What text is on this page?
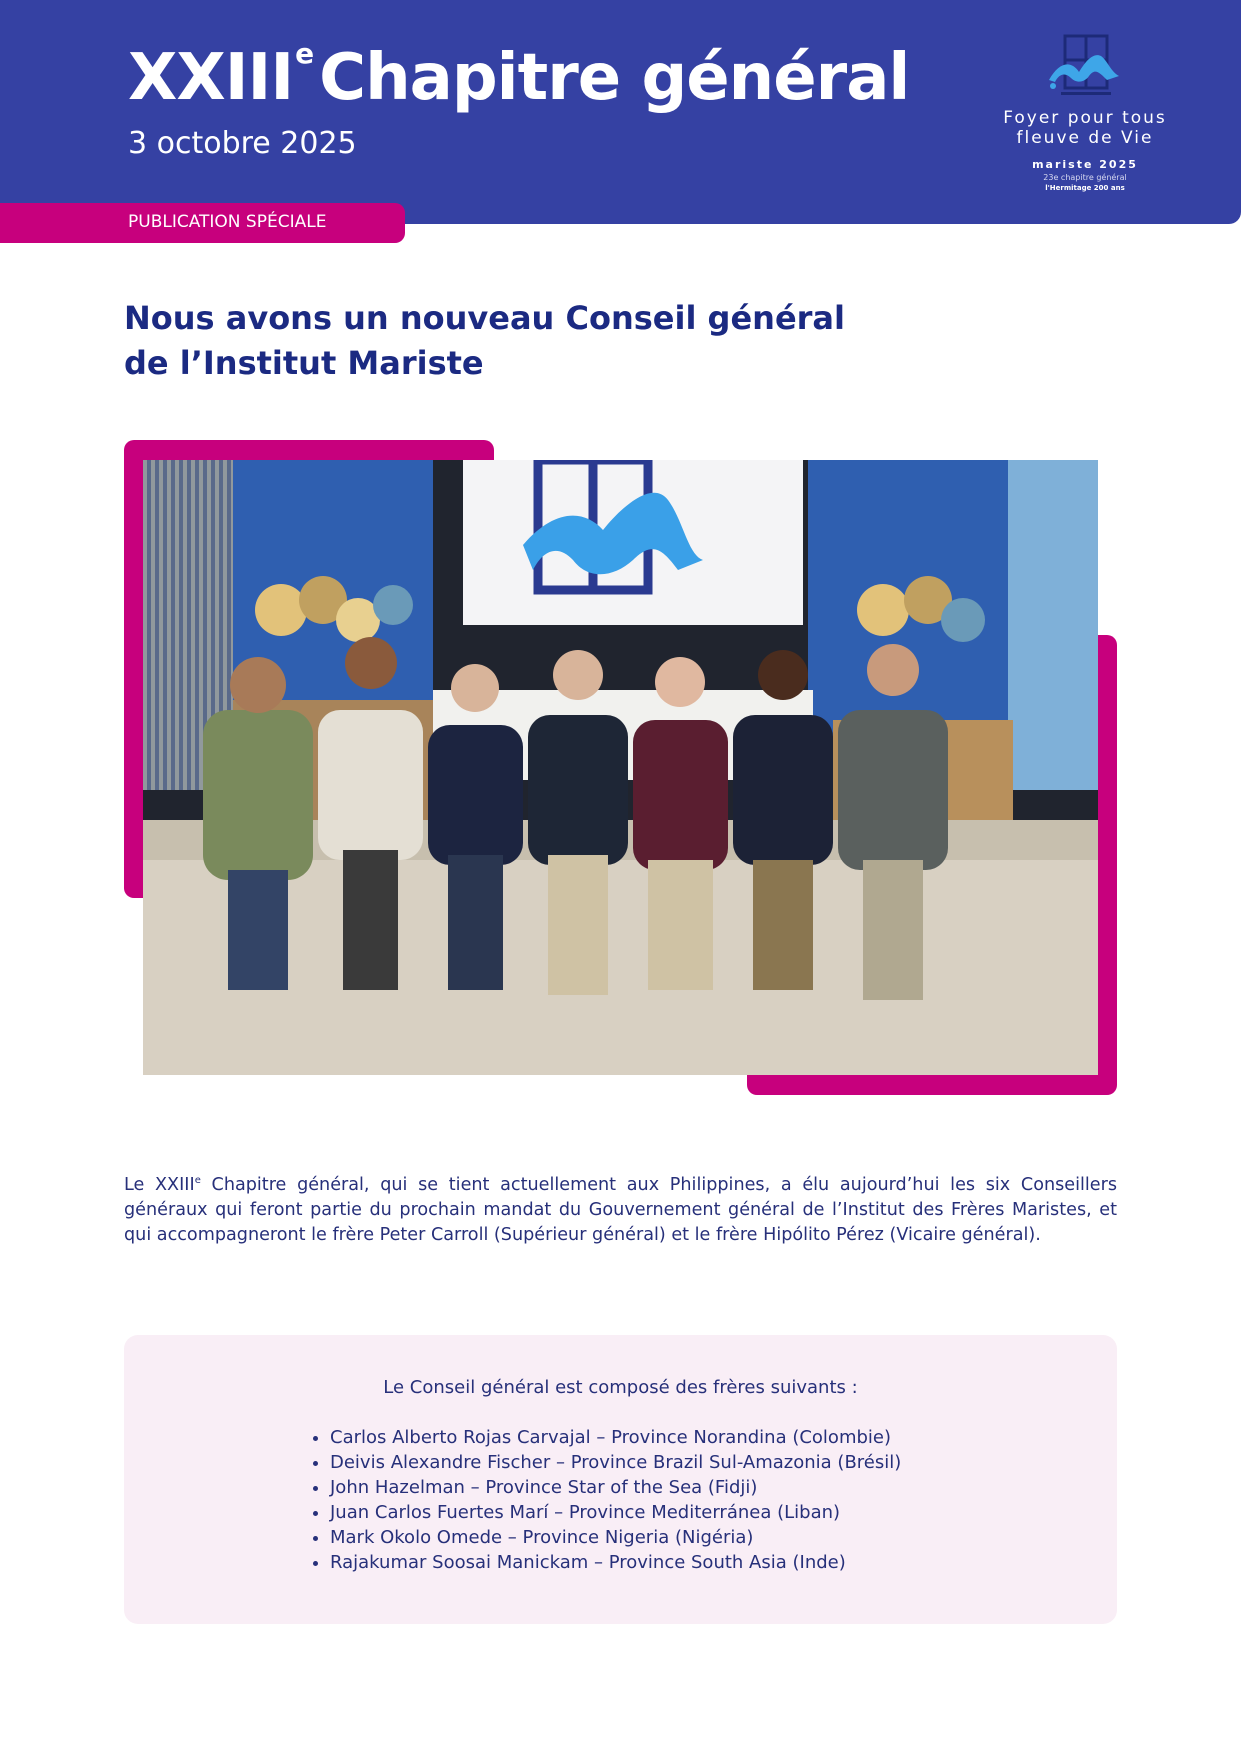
XXIIIeChapitre général
3 octobre 2025
Foyer pour tous
fleuve de Vie
mariste 2025
23e chapitre général
l'Hermitage 200 ans
PUBLICATION SPÉCIALE
Nous avons un nouveau Conseil général
de l’Institut Mariste
Le XXIIIe Chapitre général, qui se tient actuellement aux Philippines, a élu aujourd’hui les six Conseillers généraux qui feront partie du prochain mandat du Gouvernement général de l’Institut des Frères Maristes, et qui accompagneront le frère Peter Carroll (Supérieur général) et le frère Hipólito Pérez (Vicaire général).
Le Conseil général est composé des frères suivants :
• Carlos Alberto Rojas Carvajal – Province Norandina (Colombie)
• Deivis Alexandre Fischer – Province Brazil Sul-Amazonia (Brésil)
• John Hazelman – Province Star of the Sea (Fidji)
• Juan Carlos Fuertes Marí – Province Mediterránea (Liban)
• Mark Okolo Omede – Province Nigeria (Nigéria)
• Rajakumar Soosai Manickam – Province South Asia (Inde)
